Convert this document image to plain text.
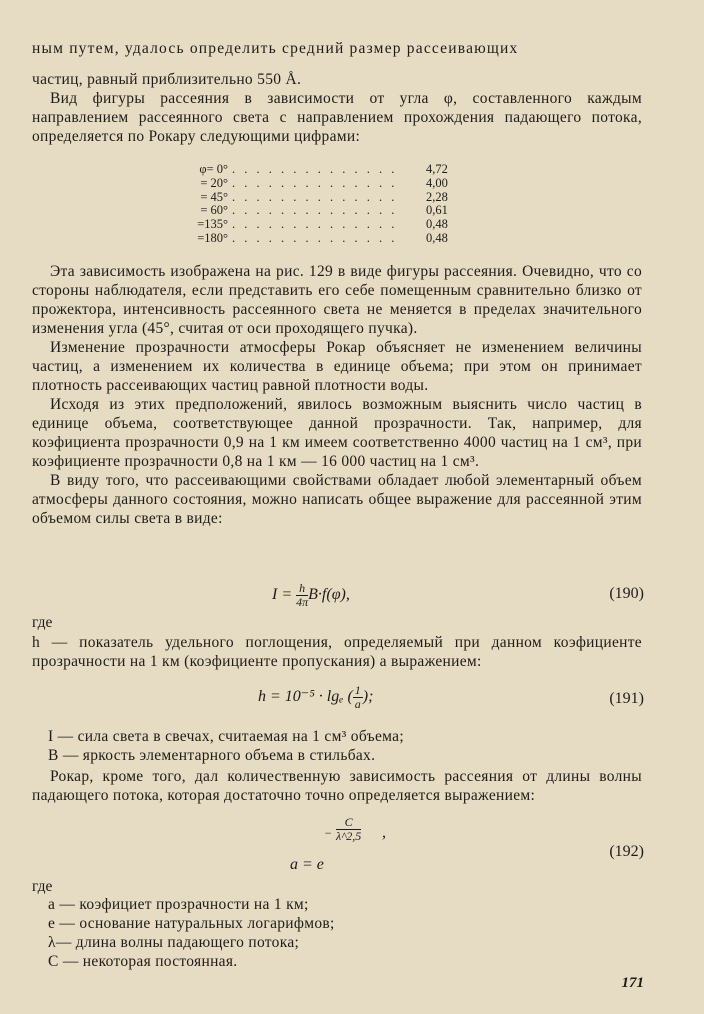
ным путем, удалось определить средний размер рассеивающих

частиц, равный приблизительно 550 Å.

Вид фигуры рассеяния в зависимости от угла φ, составленного каждым направлением рассеянного света с направлением прохождения падающего потока, определяется по Рокару следующими цифрами:

φ= 0° . . . . . . . . . . . . . .	4,72
= 20° . . . . . . . . . . . . . .	4,00
= 45° . . . . . . . . . . . . . .	2,28
= 60° . . . . . . . . . . . . . .	0,61
=135° . . . . . . . . . . . . . .	0,48
=180° . . . . . . . . . . . . . .	0,48

Эта зависимость изображена на рис. 129 в виде фигуры рассеяния. Очевидно, что со стороны наблюдателя, если представить его себе помещенным сравнительно близко от прожектора, интенсивность рассеянного света не меняется в пределах значительного изменения угла (45°, считая от оси проходящего пучка).

Изменение прозрачности атмосферы Рокар объясняет не изменением величины частиц, а изменением их количества в единице объема; при этом он принимает плотность рассеивающих частиц равной плотности воды.

Исходя из этих предположений, явилось возможным выяснить число частиц в единице объема, соответствующее данной прозрачности. Так, например, для коэфициента прозрачности 0,9 на 1 км имеем соответственно 4000 частиц на 1 см³, при коэфициенте прозрачности 0,8 на 1 км — 16 000 частиц на 1 см³.

В виду того, что рассеивающими свойствами обладает любой элементарный объем атмосферы данного состояния, можно написать общее выражение для рассеянной этим объемом силы света в виде:

$I = \frac{h}{4\pi} B\cdot f(\varphi)$,	(190)
где

h — показатель удельного поглощения, определяемый при данном коэфициенте прозрачности на 1 км (коэфициенте пропускания) a выражением:

h = 10⁻⁵ · lgₑ ( $\frac{1}{a}$ );	(191)
I — сила света в свечах, считаемая на 1 см³ объема;
B — яркость элементарного объема в стильбах.

Рокар, кроме того, дал количественную зависимость рассеяния от длины волны падающего потока, которая достаточно точно определяется выражением:

$\frac{C}{\lambda\^{}2,5}$
−
a = e
,
(192)
где
a — коэфициет прозрачности на 1 км;
e — основание натуральных логарифмов;
λ— длина волны падающего потока;
C — некоторая постоянная.
171
